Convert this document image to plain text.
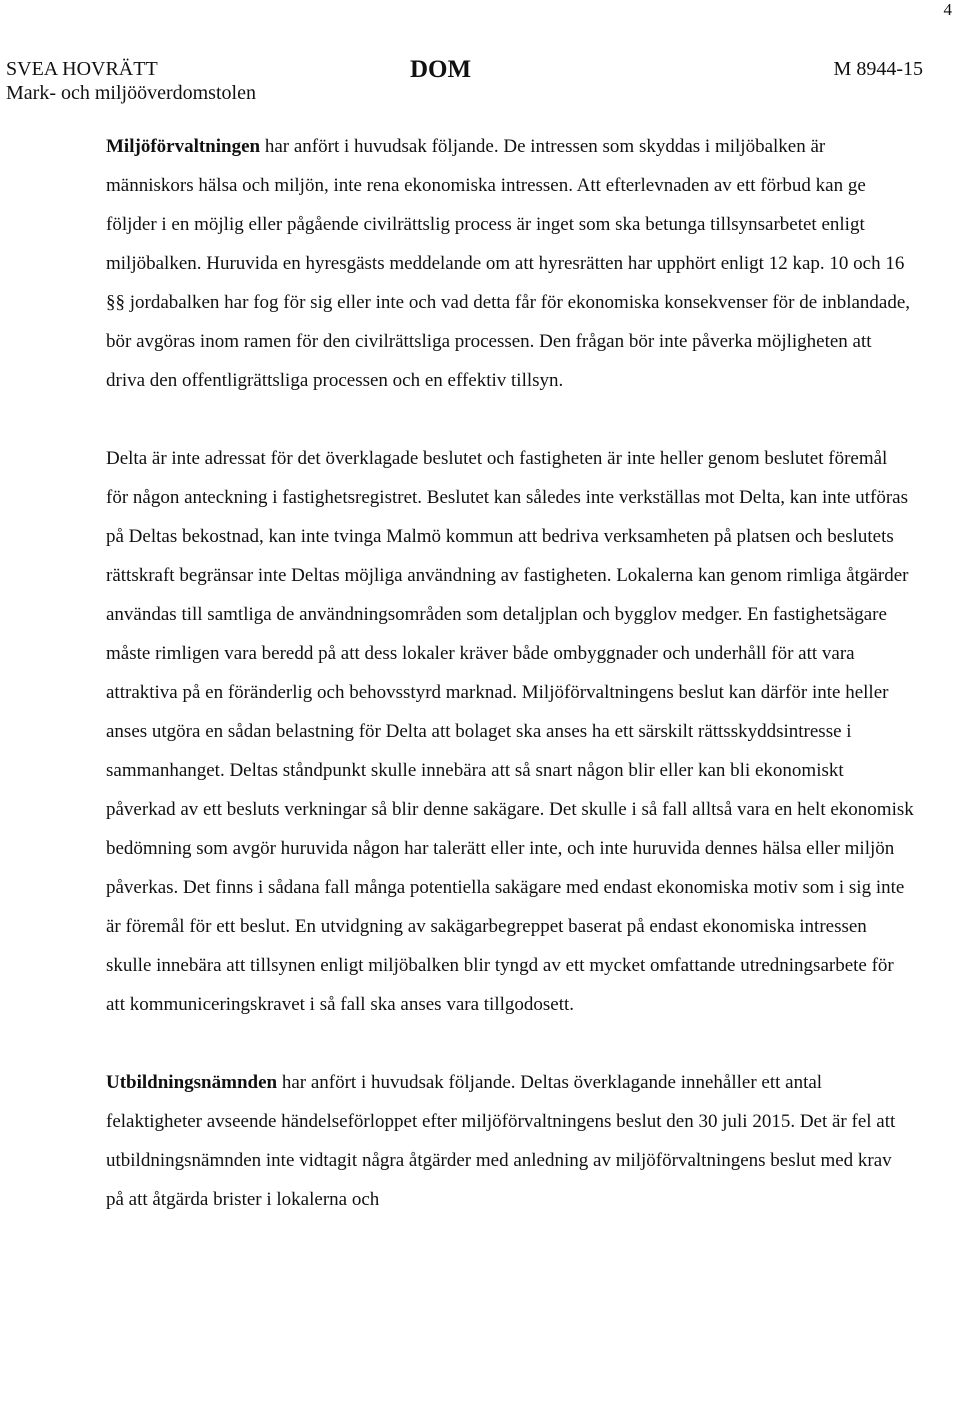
4
SVEA HOVRÄTT
Mark- och miljööverdomstolen
DOM	M 8944-15

Miljöförvaltningen har anfört i huvudsak följande. De intressen som skyddas i miljöbalken är människors hälsa och miljön, inte rena ekonomiska intressen. Att efterlevnaden av ett förbud kan ge följder i en möjlig eller pågående civilrättslig process är inget som ska betunga tillsynsarbetet enligt miljöbalken. Huruvida en hyresgästs meddelande om att hyresrätten har upphört enligt 12 kap. 10 och 16 §§ jordabalken har fog för sig eller inte och vad detta får för ekonomiska konsekvenser för de inblandade, bör avgöras inom ramen för den civilrättsliga processen. Den frågan bör inte påverka möjligheten att driva den offentligrättsliga processen och en effektiv tillsyn.

Delta är inte adressat för det överklagade beslutet och fastigheten är inte heller genom beslutet föremål för någon anteckning i fastighetsregistret. Beslutet kan således inte verkställas mot Delta, kan inte utföras på Deltas bekostnad, kan inte tvinga Malmö kommun att bedriva verksamheten på platsen och beslutets rättskraft begränsar inte Deltas möjliga användning av fastigheten. Lokalerna kan genom rimliga åtgärder användas till samtliga de användningsområden som detaljplan och bygglov medger. En fastighetsägare måste rimligen vara beredd på att dess lokaler kräver både ombyggnader och underhåll för att vara attraktiva på en föränderlig och behovsstyrd marknad. Miljöförvaltningens beslut kan därför inte heller anses utgöra en sådan belastning för Delta att bolaget ska anses ha ett särskilt rättsskyddsintresse i sammanhanget. Deltas ståndpunkt skulle innebära att så snart någon blir eller kan bli ekonomiskt påverkad av ett besluts verkningar så blir denne sakägare. Det skulle i så fall alltså vara en helt ekonomisk bedömning som avgör huruvida någon har talerätt eller inte, och inte huruvida dennes hälsa eller miljön påverkas. Det finns i sådana fall många potentiella sakägare med endast ekonomiska motiv som i sig inte är föremål för ett beslut. En utvidgning av sakägarbegreppet baserat på endast ekonomiska intressen skulle innebära att tillsynen enligt miljöbalken blir tyngd av ett mycket omfattande utredningsarbete för att kommuniceringskravet i så fall ska anses vara tillgodosett.

Utbildningsnämnden har anfört i huvudsak följande. Deltas överklagande innehåller ett antal felaktigheter avseende händelseförloppet efter miljöförvaltningens beslut den 30 juli 2015. Det är fel att utbildningsnämnden inte vidtagit några åtgärder med anledning av miljöförvaltningens beslut med krav på att åtgärda brister i lokalerna och
